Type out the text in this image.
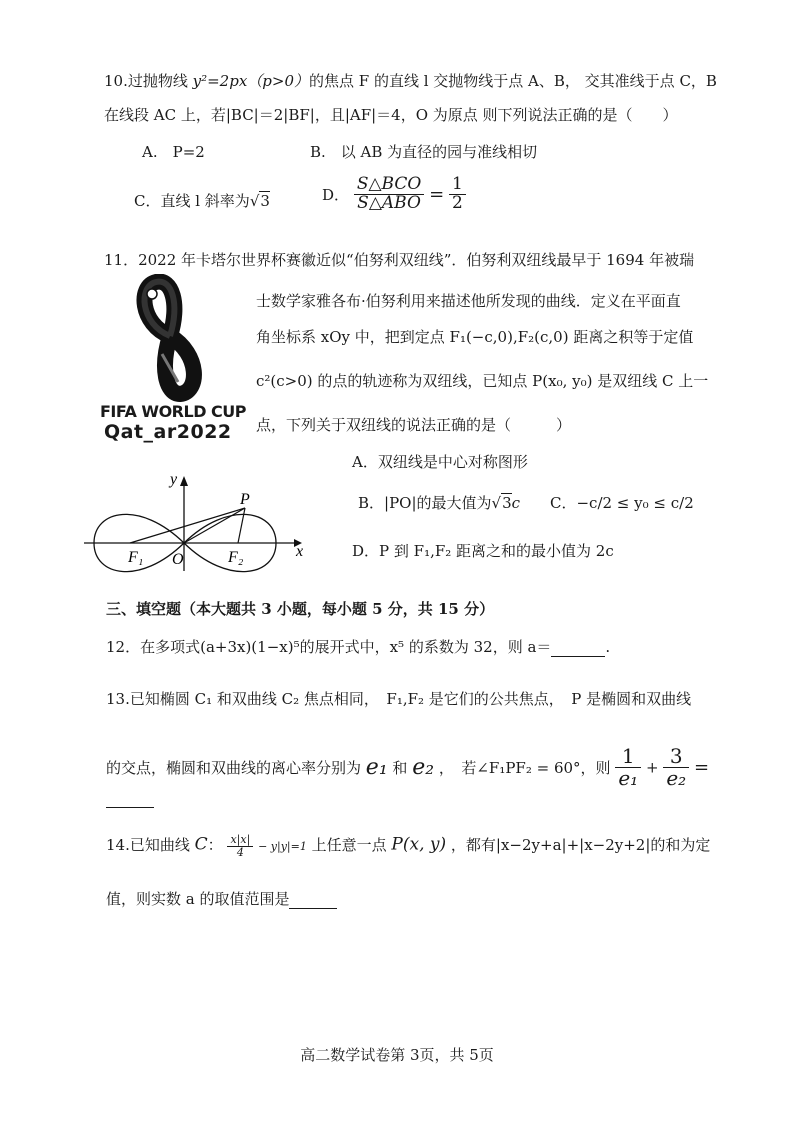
10.过抛物线 y²=2px（p>0）的焦点 F 的直线 l 交抛物线于点 A、B， 交其准线于点 C，B
在线段 AC 上，若|BC|＝2|BF|，且|AF|＝4，O 为原点 则下列说法正确的是（　　）
A.　P=2	B.　以 AB 为直径的园与准线相切
C．直线 l 斜率为√3	D． $\frac{\text{S△BCO}}{\text{S△ABO}} = \frac{1}{2}$
11．2022 年卡塔尔世界杯赛徽近似“伯努利双纽线”．伯努利双纽线最早于 1694 年被瑞
FIFA WORLD CUP
Qat_ar2022
士数学家雅各布·伯努利用来描述他所发现的曲线．定义在平面直
角坐标系 xOy 中，把到定点 F₁(−c,0),F₂(c,0) 距离之积等于定值
c²(c>0) 的点的轨迹称为双纽线，已知点 P(x₀, y₀) 是双纽线 C 上一
点，下列关于双纽线的说法正确的是（　　　）
y
x
P
O
F₁	F₂
A．双纽线是中心对称图形
B．|PO|的最大值为√3c C．−c/2 ≤ y₀ ≤ c/2
D．P 到 F₁,F₂ 距离之和的最小值为 2c
三、填空题（本大题共 3 小题，每小题 5 分，共 15 分）
12．在多项式(a+3x)(1−x)⁵的展开式中，x⁵ 的系数为 32，则 a＝	.
13.已知椭圆 C₁ 和双曲线 C₂ 焦点相同，　F₁,F₂ 是它们的公共焦点，　P 是椭圆和双曲线
的交点，椭圆和双曲线的离心率分别为 e₁ 和 e₂ ，　若∠F₁PF₂ = 60°，则 $\frac{1}{\text{e₁}} + \frac{3}{\text{e₂}}$ =
14.已知曲线 C： $\frac{x|x|}{4} ^{- y|y|=1}$ 上任意一点 P(x, y) ，都有|x−2y+a|+|x−2y+2|的和为定
值，则实数 a 的取值范围是
高二数学试卷第 3页，共 5页
